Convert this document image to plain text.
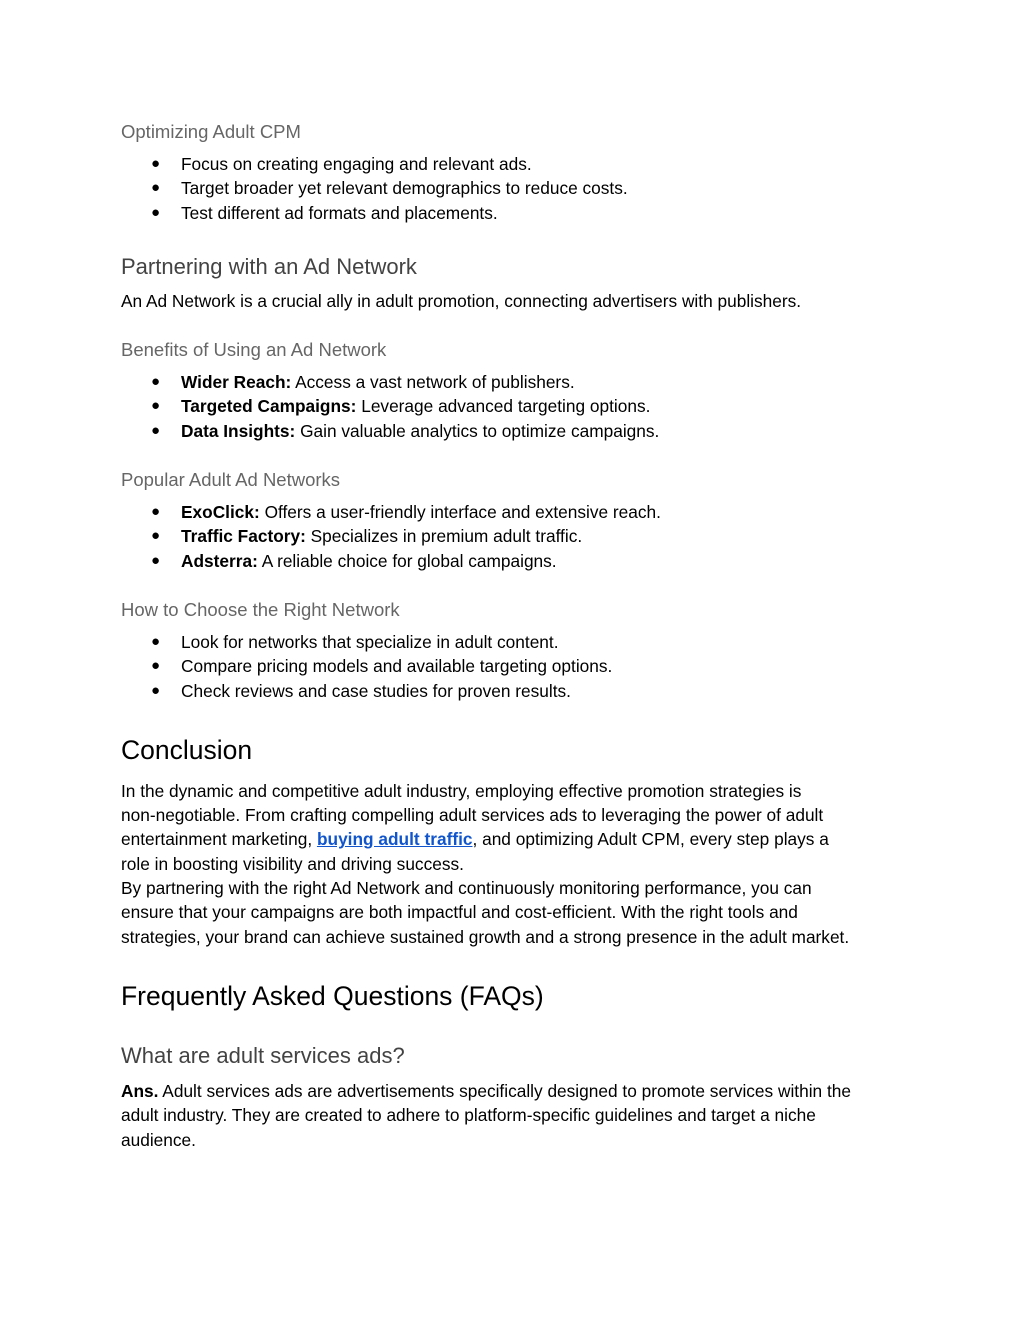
Optimizing Adult CPM
● Focus on creating engaging and relevant ads.
● Target broader yet relevant demographics to reduce costs.
● Test different ad formats and placements.
Partnering with an Ad Network
An Ad Network is a crucial ally in adult promotion, connecting advertisers with publishers.
Benefits of Using an Ad Network
● Wider Reach: Access a vast network of publishers.
● Targeted Campaigns: Leverage advanced targeting options.
● Data Insights: Gain valuable analytics to optimize campaigns.
Popular Adult Ad Networks
● ExoClick: Offers a user-friendly interface and extensive reach.
● Traffic Factory: Specializes in premium adult traffic.
● Adsterra: A reliable choice for global campaigns.
How to Choose the Right Network
● Look for networks that specialize in adult content.
● Compare pricing models and available targeting options.
● Check reviews and case studies for proven results.
Conclusion
In the dynamic and competitive adult industry, employing effective promotion strategies is
non-negotiable. From crafting compelling adult services ads to leveraging the power of adult
entertainment marketing, buying adult traffic, and optimizing Adult CPM, every step plays a
role in boosting visibility and driving success.
By partnering with the right Ad Network and continuously monitoring performance, you can
ensure that your campaigns are both impactful and cost-efficient. With the right tools and
strategies, your brand can achieve sustained growth and a strong presence in the adult market.
Frequently Asked Questions (FAQs)
What are adult services ads?
Ans. Adult services ads are advertisements specifically designed to promote services within the
adult industry. They are created to adhere to platform-specific guidelines and target a niche
audience.
